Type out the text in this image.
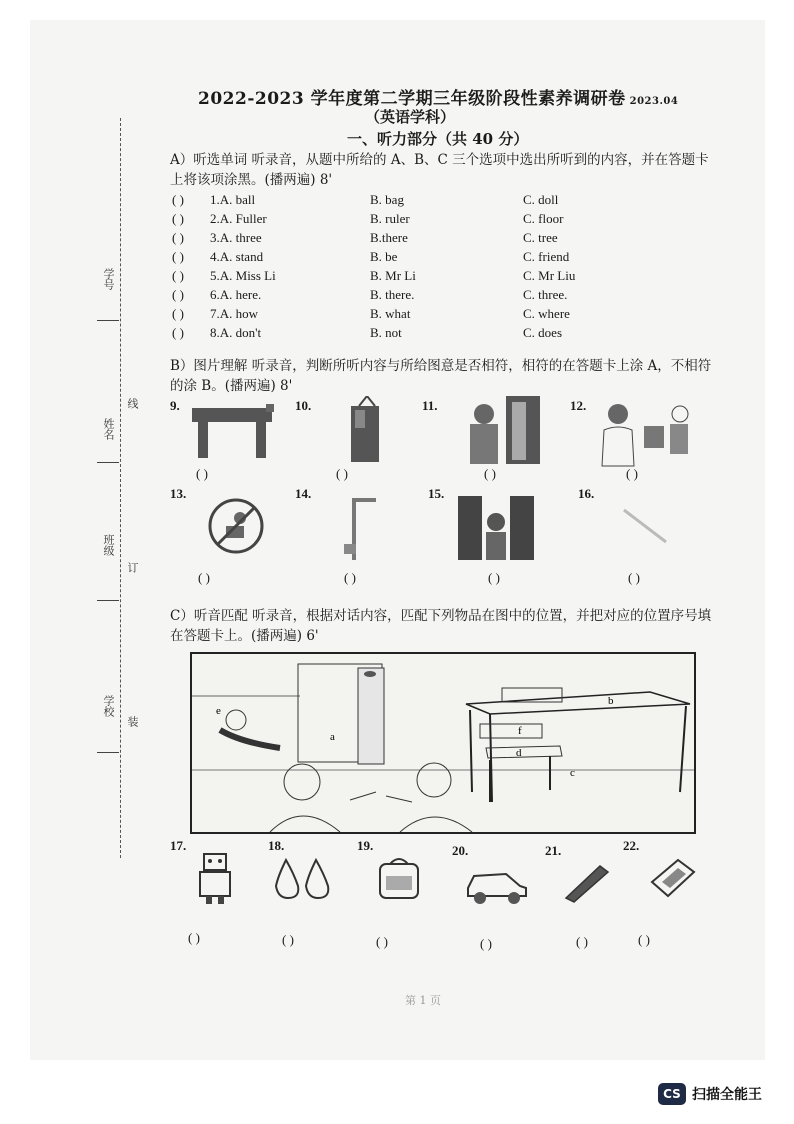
学号
姓名
线
班级
订
学校
装
2022-2023 学年度第二学期三年级阶段性素养调研卷 2023.04
（英语学科）
一、听力部分（共 40 分）
A）听选单词 听录音，从题中所给的 A、B、C 三个选项中选出所听到的内容，并在答题卡上将该项涂黑。(播两遍) 8'
( ) 1.A. ball	B. bag	C. doll
( ) 2.A. Fuller	B. ruler	C. floor
( ) 3.A. three	B.there	C. tree
( ) 4.A. stand	B. be	C. friend
( ) 5.A. Miss Li	B. Mr Li	C. Mr Liu
( ) 6.A. here.	B. there.	C. three.
( ) 7.A. how	B. what	C. where
( ) 8.A. don't	B. not	C. does
B）图片理解 听录音，判断所听内容与所给图意是否相符，相符的在答题卡上涂 A，不相符的涂 B。(播两遍) 8'
9.
( )
10.
( )
11.
( )
12.
( )
13.
( )
14.
( )
15.
( )
16.
( )
C）听音匹配 听录音，根据对话内容，匹配下列物品在图中的位置，并把对应的位置序号填在答题卡上。(播两遍) 6'
e
b
f
d
c
a
17.
( )
18.
( )
19.
( )
20.
( )
21.
( )
22.
( )
第 1 页
CS 扫描全能王
